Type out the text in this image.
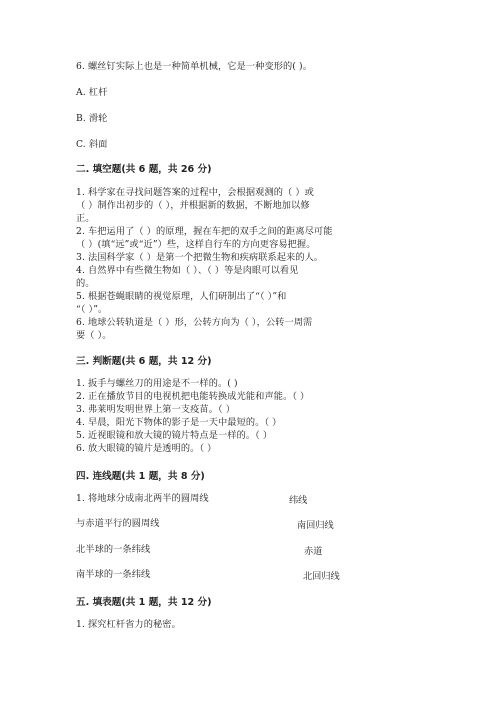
6. 螺丝钉实际上也是一种简单机械，它是一种变形的( )。
A. 杠杆
B. 滑轮
C. 斜面
二. 填空题(共 6 题，共 26 分)
1. 科学家在寻找问题答案的过程中，会根据观测的（ ）或
（ ）制作出初步的（ ），并根据新的数据，不断地加以修
正。
2. 车把运用了（ ）的原理，握在车把的双手之间的距离尽可能
（ ）(填“远”或“近”）些，这样自行车的方向更容易把握。
3. 法国科学家（ ）是第一个把微生物和疾病联系起来的人。
4. 自然界中有些微生物如（ ）、（ ）等是肉眼可以看见
的。
5. 根据苍蝇眼睛的视觉原理，人们研制出了“（ ）”和
“（ ）”。
6. 地球公转轨道是（ ）形，公转方向为（ ），公转一周需
要（ ）。
三. 判断题(共 6 题，共 12 分)
1. 扳手与螺丝刀的用途是不一样的。( )
2. 正在播放节目的电视机把电能转换成光能和声能。（ ）
3. 弗莱明发明世界上第一支疫苗。（ ）
4. 早晨，阳光下物体的影子是一天中最短的。（ ）
5. 近视眼镜和放大镜的镜片特点是一样的。（ ）
6. 放大眼镜的镜片是透明的。（ ）
四. 连线题(共 1 题，共 8 分)
1. 将地球分成南北两半的圆周线	纬线
与赤道平行的圆周线	南回归线
北半球的一条纬线	赤道
南半球的一条纬线	北回归线
五. 填表题(共 1 题，共 12 分)
1. 探究杠杆省力的秘密。
